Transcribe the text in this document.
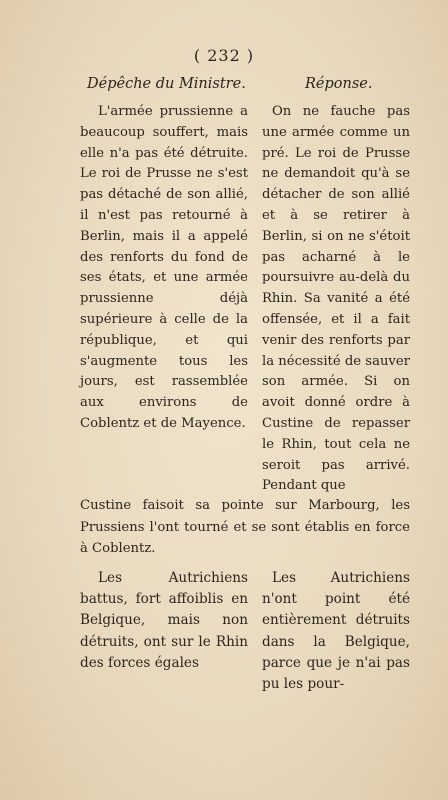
( 232 )
Dépêche du Ministre.	Réponse.

L'armée prussienne a beaucoup souffert, mais elle n'a pas été détruite. Le roi de Prusse ne s'est pas détaché de son allié, il n'est pas retourné à Berlin, mais il a appelé des renforts du fond de ses états, et une armée prussienne déjà supérieure à celle de la république, et qui s'augmente tous les jours, est rassemblée aux environs de Coblentz et de Mayence.

On ne fauche pas une armée comme un pré. Le roi de Prusse ne demandoit qu'à se détacher de son allié et à se retirer à Berlin, si on ne s'étoit pas acharné à le poursuivre au-delà du Rhin. Sa vanité a été offensée, et il a fait venir des renforts par la nécessité de sauver son armée. Si on avoit donné ordre à Custine de repasser le Rhin, tout cela ne seroit pas arrivé. Pendant que

Custine faisoit sa pointe sur Marbourg, les Prussiens l'ont tourné et se sont établis en force à Coblentz.

Les Autrichiens battus, fort affoiblis en Belgique, mais non détruits, ont sur le Rhin des forces égales

Les Autrichiens n'ont point été entièrement détruits dans la Belgique, parce que je n'ai pas pu les pour-
